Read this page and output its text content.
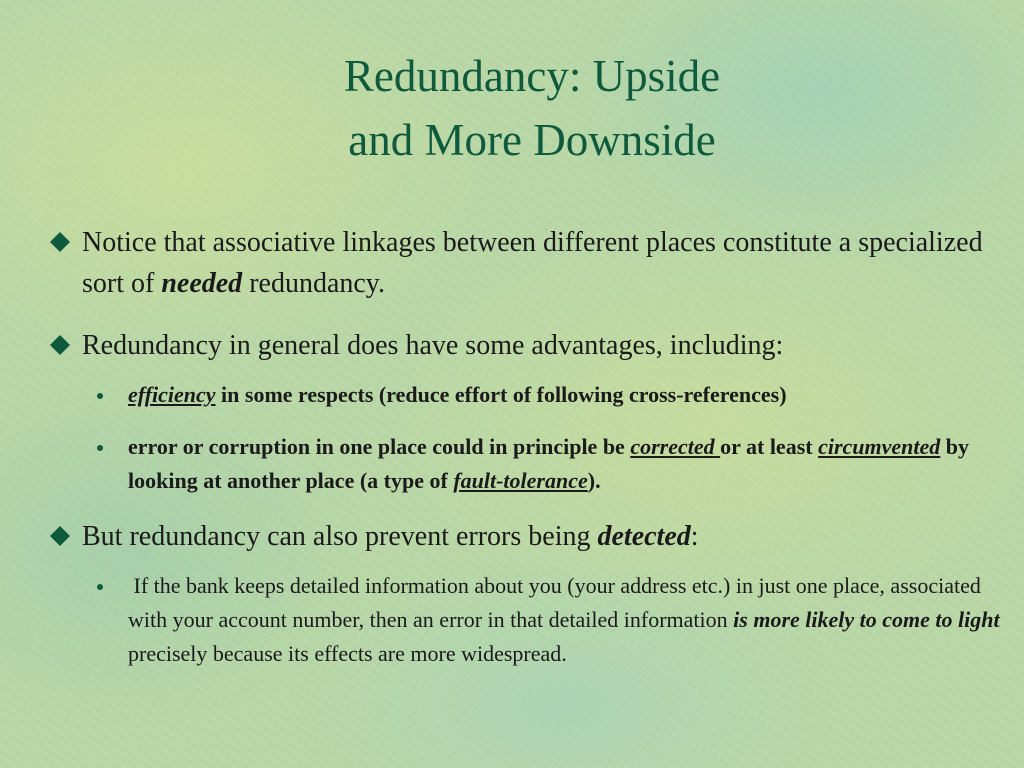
Redundancy: Upside
and More Downside
Notice that associative linkages between different places constitute a specialized sort of needed redundancy.
Redundancy in general does have some advantages, including:
efficiency in some respects (reduce effort of following cross-references)
error or corruption in one place could in principle be corrected or at least circumvented by looking at another place (a type of fault-tolerance).
But redundancy can also prevent errors being detected:
If the bank keeps detailed information about you (your address etc.) in just one place, associated with your account number, then an error in that detailed information is more likely to come to light precisely because its effects are more widespread.
